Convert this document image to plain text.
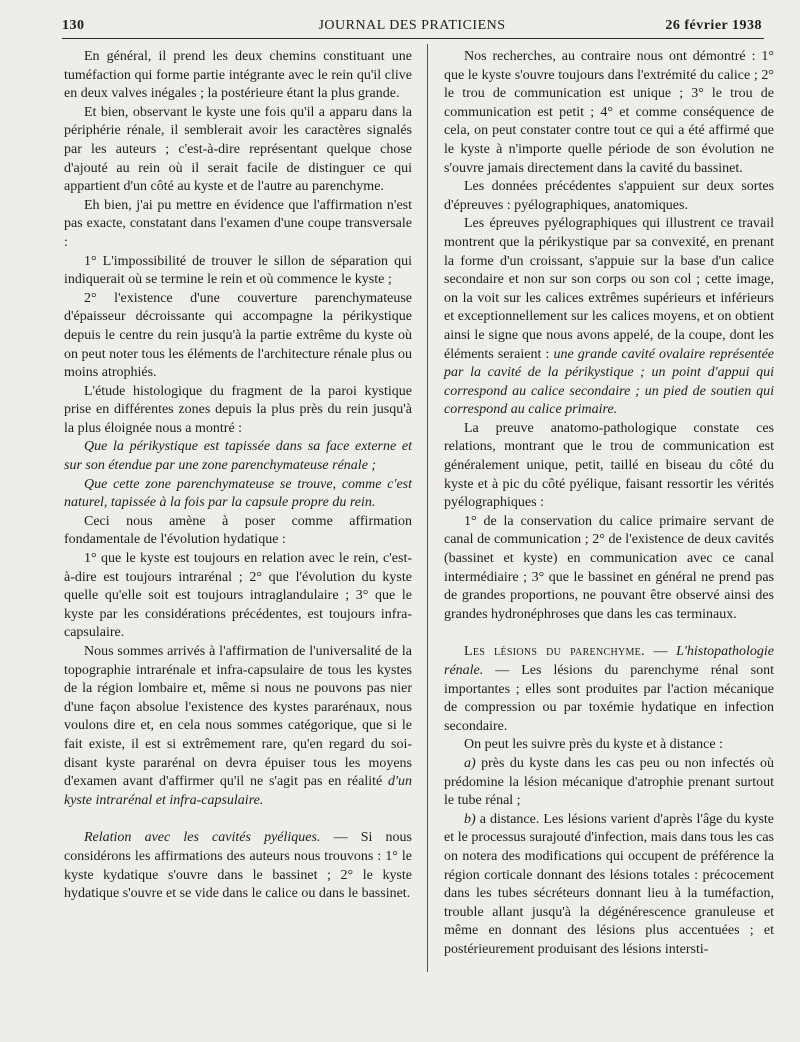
JOURNAL DES PRATICIENS
130	26 février 1938

En général, il prend les deux chemins constituant une tuméfaction qui forme partie intégrante avec le rein qu'il clive en deux valves inégales ; la postérieure étant la plus grande.

Et bien, observant le kyste une fois qu'il a apparu dans la périphérie rénale, il semblerait avoir les caractères signalés par les auteurs ; c'est-à-dire représentant quelque chose d'ajouté au rein où il serait facile de distinguer ce qui appartient d'un côté au kyste et de l'autre au parenchyme.

Eh bien, j'ai pu mettre en évidence que l'affirmation n'est pas exacte, constatant dans l'examen d'une coupe transversale :

1° L'impossibilité de trouver le sillon de séparation qui indiquerait où se termine le rein et où commence le kyste ;

2° l'existence d'une couverture parenchymateuse d'épaisseur décroissante qui accompagne la périkystique depuis le centre du rein jusqu'à la partie extrême du kyste où on peut noter tous les éléments de l'architecture rénale plus ou moins atrophiés.

L'étude histologique du fragment de la paroi kystique prise en différentes zones depuis la plus près du rein jusqu'à la plus éloignée nous a montré :

Que la périkystique est tapissée dans sa face externe et sur son étendue par une zone parenchymateuse rénale ;

Que cette zone parenchymateuse se trouve, comme c'est naturel, tapissée à la fois par la capsule propre du rein.

Ceci nous amène à poser comme affirmation fondamentale de l'évolution hydatique :

1° que le kyste est toujours en relation avec le rein, c'est-à-dire est toujours intrarénal ; 2° que l'évolution du kyste quelle qu'elle soit est toujours intraglandulaire ; 3° que le kyste par les considérations précédentes, est toujours infra-capsulaire.

Nous sommes arrivés à l'affirmation de l'universalité de la topographie intrarénale et infra-capsulaire de tous les kystes de la région lombaire et, même si nous ne pouvons pas nier d'une façon absolue l'existence des kystes pararénaux, nous voulons dire et, en cela nous sommes catégorique, que si le fait existe, il est si extrêmement rare, qu'en regard du soi-disant kyste pararénal on devra épuiser tous les moyens d'examen avant d'affirmer qu'il ne s'agit pas en réalité d'un kyste intrarénal et infra-capsulaire.

Relation avec les cavités pyéliques. — Si nous considérons les affirmations des auteurs nous trouvons : 1° le kyste kydatique s'ouvre dans le bassinet ; 2° le kyste hydatique s'ouvre et se vide dans le calice ou dans le bassinet.

Nos recherches, au contraire nous ont démontré : 1° que le kyste s'ouvre toujours dans l'extrémité du calice ; 2° le trou de communication est unique ; 3° le trou de communication est petit ; 4° et comme conséquence de cela, on peut constater contre tout ce qui a été affirmé que le kyste à n'importe quelle période de son évolution ne s'ouvre jamais directement dans la cavité du bassinet.

Les données précédentes s'appuient sur deux sortes d'épreuves : pyélographiques, anatomiques.

Les épreuves pyélographiques qui illustrent ce travail montrent que la périkystique par sa convexité, en prenant la forme d'un croissant, s'appuie sur la base d'un calice secondaire et non sur son corps ou son col ; cette image, on la voit sur les calices extrêmes supérieurs et inférieurs et exceptionnellement sur les calices moyens, et on obtient ainsi le signe que nous avons appelé, de la coupe, dont les éléments seraient : une grande cavité ovalaire représentée par la cavité de la périkystique ; un point d'appui qui correspond au calice secondaire ; un pied de soutien qui correspond au calice primaire.

La preuve anatomo-pathologique constate ces relations, montrant que le trou de communication est généralement unique, petit, taillé en biseau du côté du kyste et à pic du côté pyélique, faisant ressortir les vérités pyélographiques :

1° de la conservation du calice primaire servant de canal de communication ; 2° de l'existence de deux cavités (bassinet et kyste) en communication avec ce canal intermédiaire ; 3° que le bassinet en général ne prend pas de grandes proportions, ne pouvant être observé ainsi des grandes hydronéphroses que dans les cas terminaux.

Les lésions du parenchyme. — L'histopathologie rénale. — Les lésions du parenchyme rénal sont importantes ; elles sont produites par l'action mécanique de compression ou par toxémie hydatique en infection secondaire.

On peut les suivre près du kyste et à distance :

a) près du kyste dans les cas peu ou non infectés où prédomine la lésion mécanique d'atrophie prenant surtout le tube rénal ;

b) a distance. Les lésions varient d'après l'âge du kyste et le processus surajouté d'infection, mais dans tous les cas on notera des modifications qui occupent de préférence la région corticale donnant des lésions totales : précocement dans les tubes sécréteurs donnant lieu à la tuméfaction, trouble allant jusqu'à la dégénérescence granuleuse et même en donnant des lésions plus accentuées ; et postérieurement produisant des lésions intersti-
